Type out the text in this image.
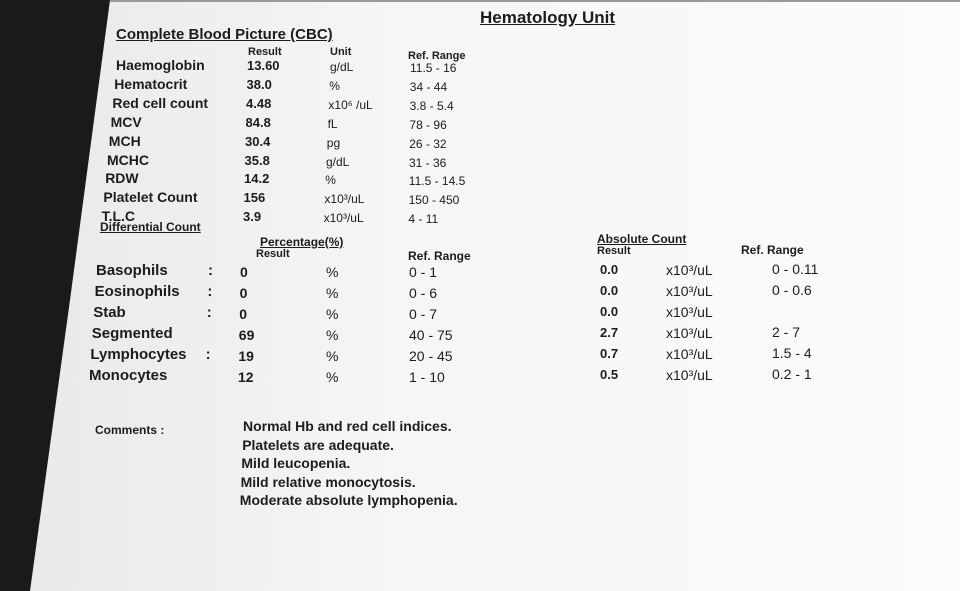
Hematology Unit
Complete Blood Picture (CBC)
Result	Unit	Ref. Range
Haemoglobin	13.60	g/dL	11.5 - 16
Hematocrit	38.0	%	34 - 44
Red cell count	4.48	x10⁶ /uL	3.8 - 5.4
MCV	84.8	fL	78 - 96
MCH	30.4	pg	26 - 32
MCHC	35.8	g/dL	31 - 36
RDW	14.2	%	11.5 - 14.5
Platelet Count	156	x10³/uL	150 - 450
T.L.C	3.9	x10³/uL	4 - 11
Differential Count
Percentage(%)
Result	Ref. Range
Absolute Count
Result	Ref. Range
Basophils	: 0	%	0 - 1	0.0	x10³/uL	0 - 0.11
Eosinophils : 0	%	0 - 6	0.0	x10³/uL	0 - 0.6
Stab	: 0	%	0 - 7	0.0	x10³/uL
Segmented	69	%	40 - 75	2.7	x10³/uL	2 - 7
Lymphocytes : 19	%	20 - 45	0.7	x10³/uL	1.5 - 4
Monocytes	12	%	1 - 10	0.5	x10³/uL	0.2 - 1
Comments :	Normal Hb and red cell indices.
Platelets are adequate.
Mild leucopenia.
Mild relative monocytosis.
Moderate absolute lymphopenia.
